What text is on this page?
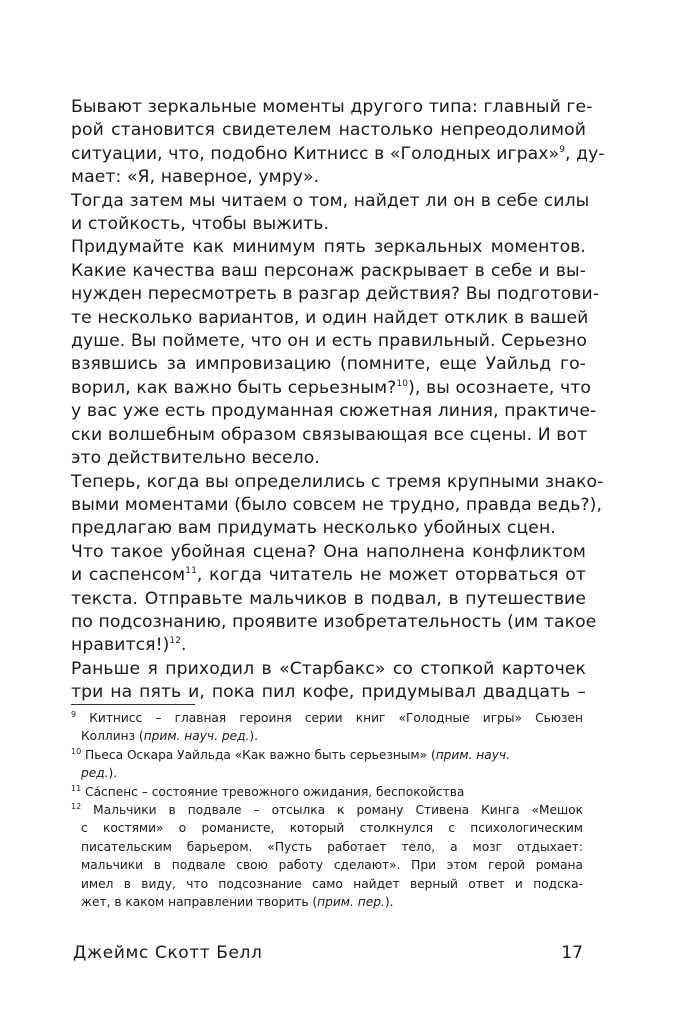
Бывают зеркальные моменты другого типа: главный ге-
рой становится свидетелем настолько непреодолимой
ситуации, что, подобно Китнисс в «Голодных играх»$^9$, ду-
мает: «Я, наверное, умру».
Тогда затем мы читаем о том, найдет ли он в себе силы
и стойкость, чтобы выжить.
Придумайте как минимум пять зеркальных моментов.
Какие качества ваш персонаж раскрывает в себе и вы-
нужден пересмотреть в разгар действия? Вы подготови-
те несколько вариантов, и один найдет отклик в вашей
душе. Вы поймете, что он и есть правильный. Серьезно
взявшись за импровизацию (помните, еще Уайльд го-
ворил, как важно быть серьезным?$^{10}$), вы осознаете, что
у вас уже есть продуманная сюжетная линия, практиче-
ски волшебным образом связывающая все сцены. И вот
это действительно весело.
Теперь, когда вы определились с тремя крупными знако-
выми моментами (было совсем не трудно, правда ведь?),
предлагаю вам придумать несколько убойных сцен.
Что такое убойная сцена? Она наполнена конфликтом
и саспенсом$^{11}$, когда читатель не может оторваться от
текста. Отправьте мальчиков в подвал, в путешествие
по подсознанию, проявите изобретательность (им такое
нравится!)$^{12}$.
Раньше я приходил в «Старбакс» со стопкой карточек
три на пять и, пока пил кофе, придумывал двадцать –
$^9$ Китнисс – главная героиня серии книг «Голодные игры» Сьюзен
Коллинз (прим. науч. ред.).
$^{10}$ Пьеса Оскара Уайльда «Как важно быть серьезным» (прим. науч.
ред.).
$^{11}$ Са́спенс – состояние тревожного ожидания, беспокойства
$^{12}$ Мальчики в подвале – отсылка к роману Стивена Кинга «Мешок
с костями» о романисте, который столкнулся с психологическим
писательским барьером. «Пусть работает тело, а мозг отдыхает:
мальчики в подвале свою работу сделают». При этом герой романа
имел в виду, что подсознание само найдет верный ответ и подска-
жет, в каком направлении творить (прим. пер.).
Джеймс Скотт Белл	17
